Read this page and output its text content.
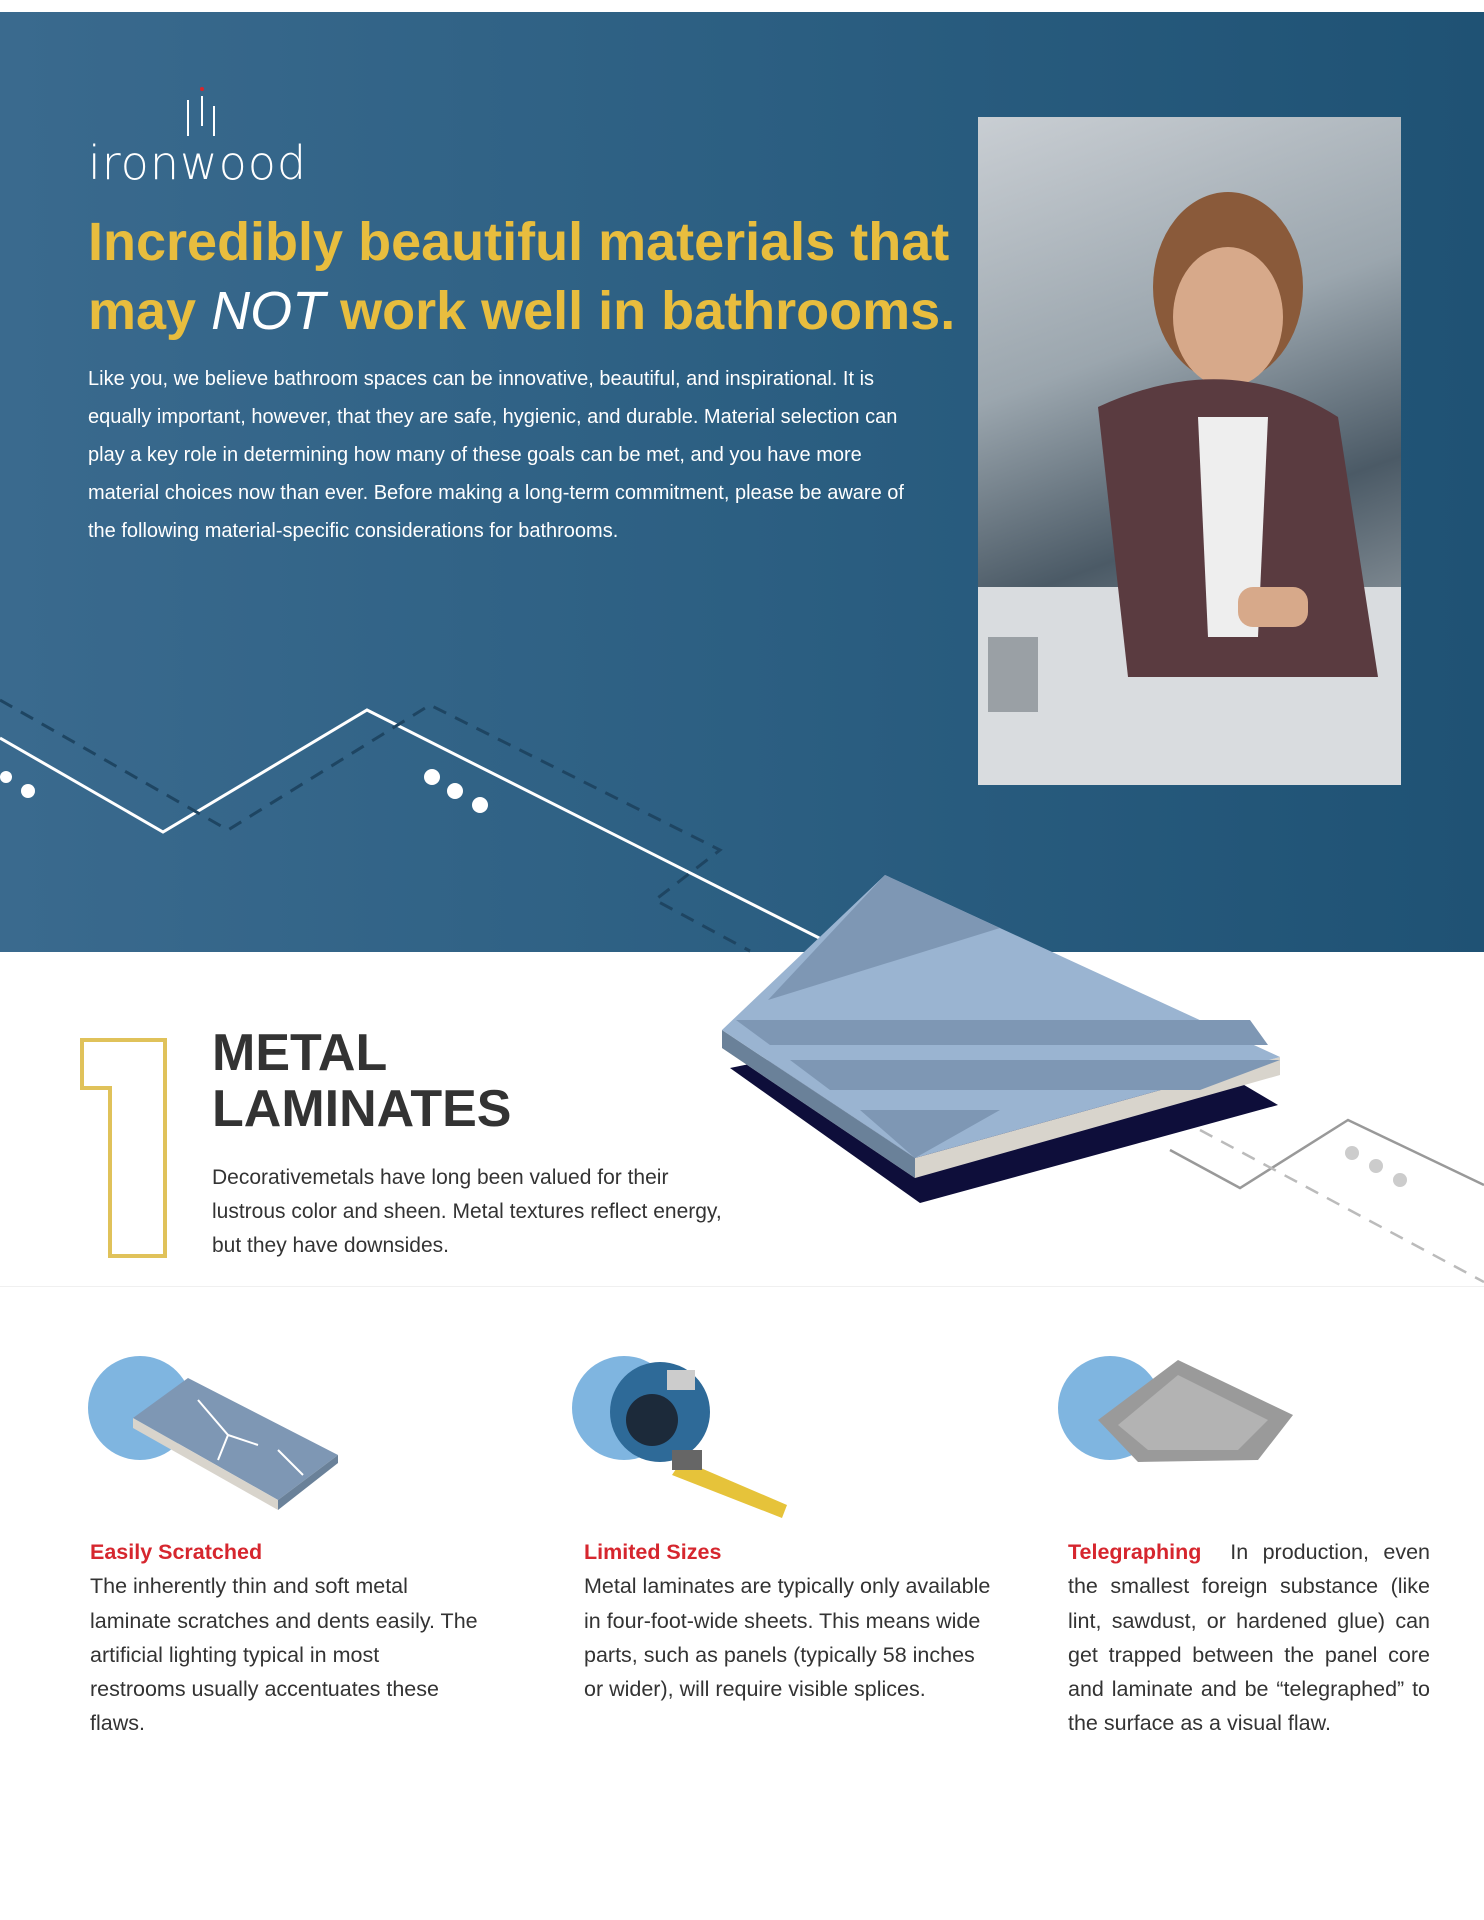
ironwood
Incredibly beautiful materials that may NOT work well in bathrooms.

Like you, we believe bathroom spaces can be innovative, beautiful, and inspirational. It is equally important, however, that they are safe, hygienic, and durable. Material selection can play a key role in determining how many of these goals can be met, and you have more material choices now than ever. Before making a long-term commitment, please be aware of the following material-specific considerations for bathrooms.

METAL
LAMINATES

Decorativemetals have long been valued for their lustrous color and sheen. Metal textures reflect energy, but they have downsides.

Easily Scratched
The inherently thin and soft metal laminate scratches and dents easily. The artificial lighting typical in most restrooms usually accentuates these flaws.
Limited Sizes
Metal laminates are typically only available in four-foot-wide sheets. This means wide parts, such as panels (typically 58 inches or wider), will require visible splices.
Telegraphing In production, even the smallest foreign substance (like lint, sawdust, or hardened glue) can get trapped between the panel core and laminate and be “telegraphed” to the surface as a visual flaw.
